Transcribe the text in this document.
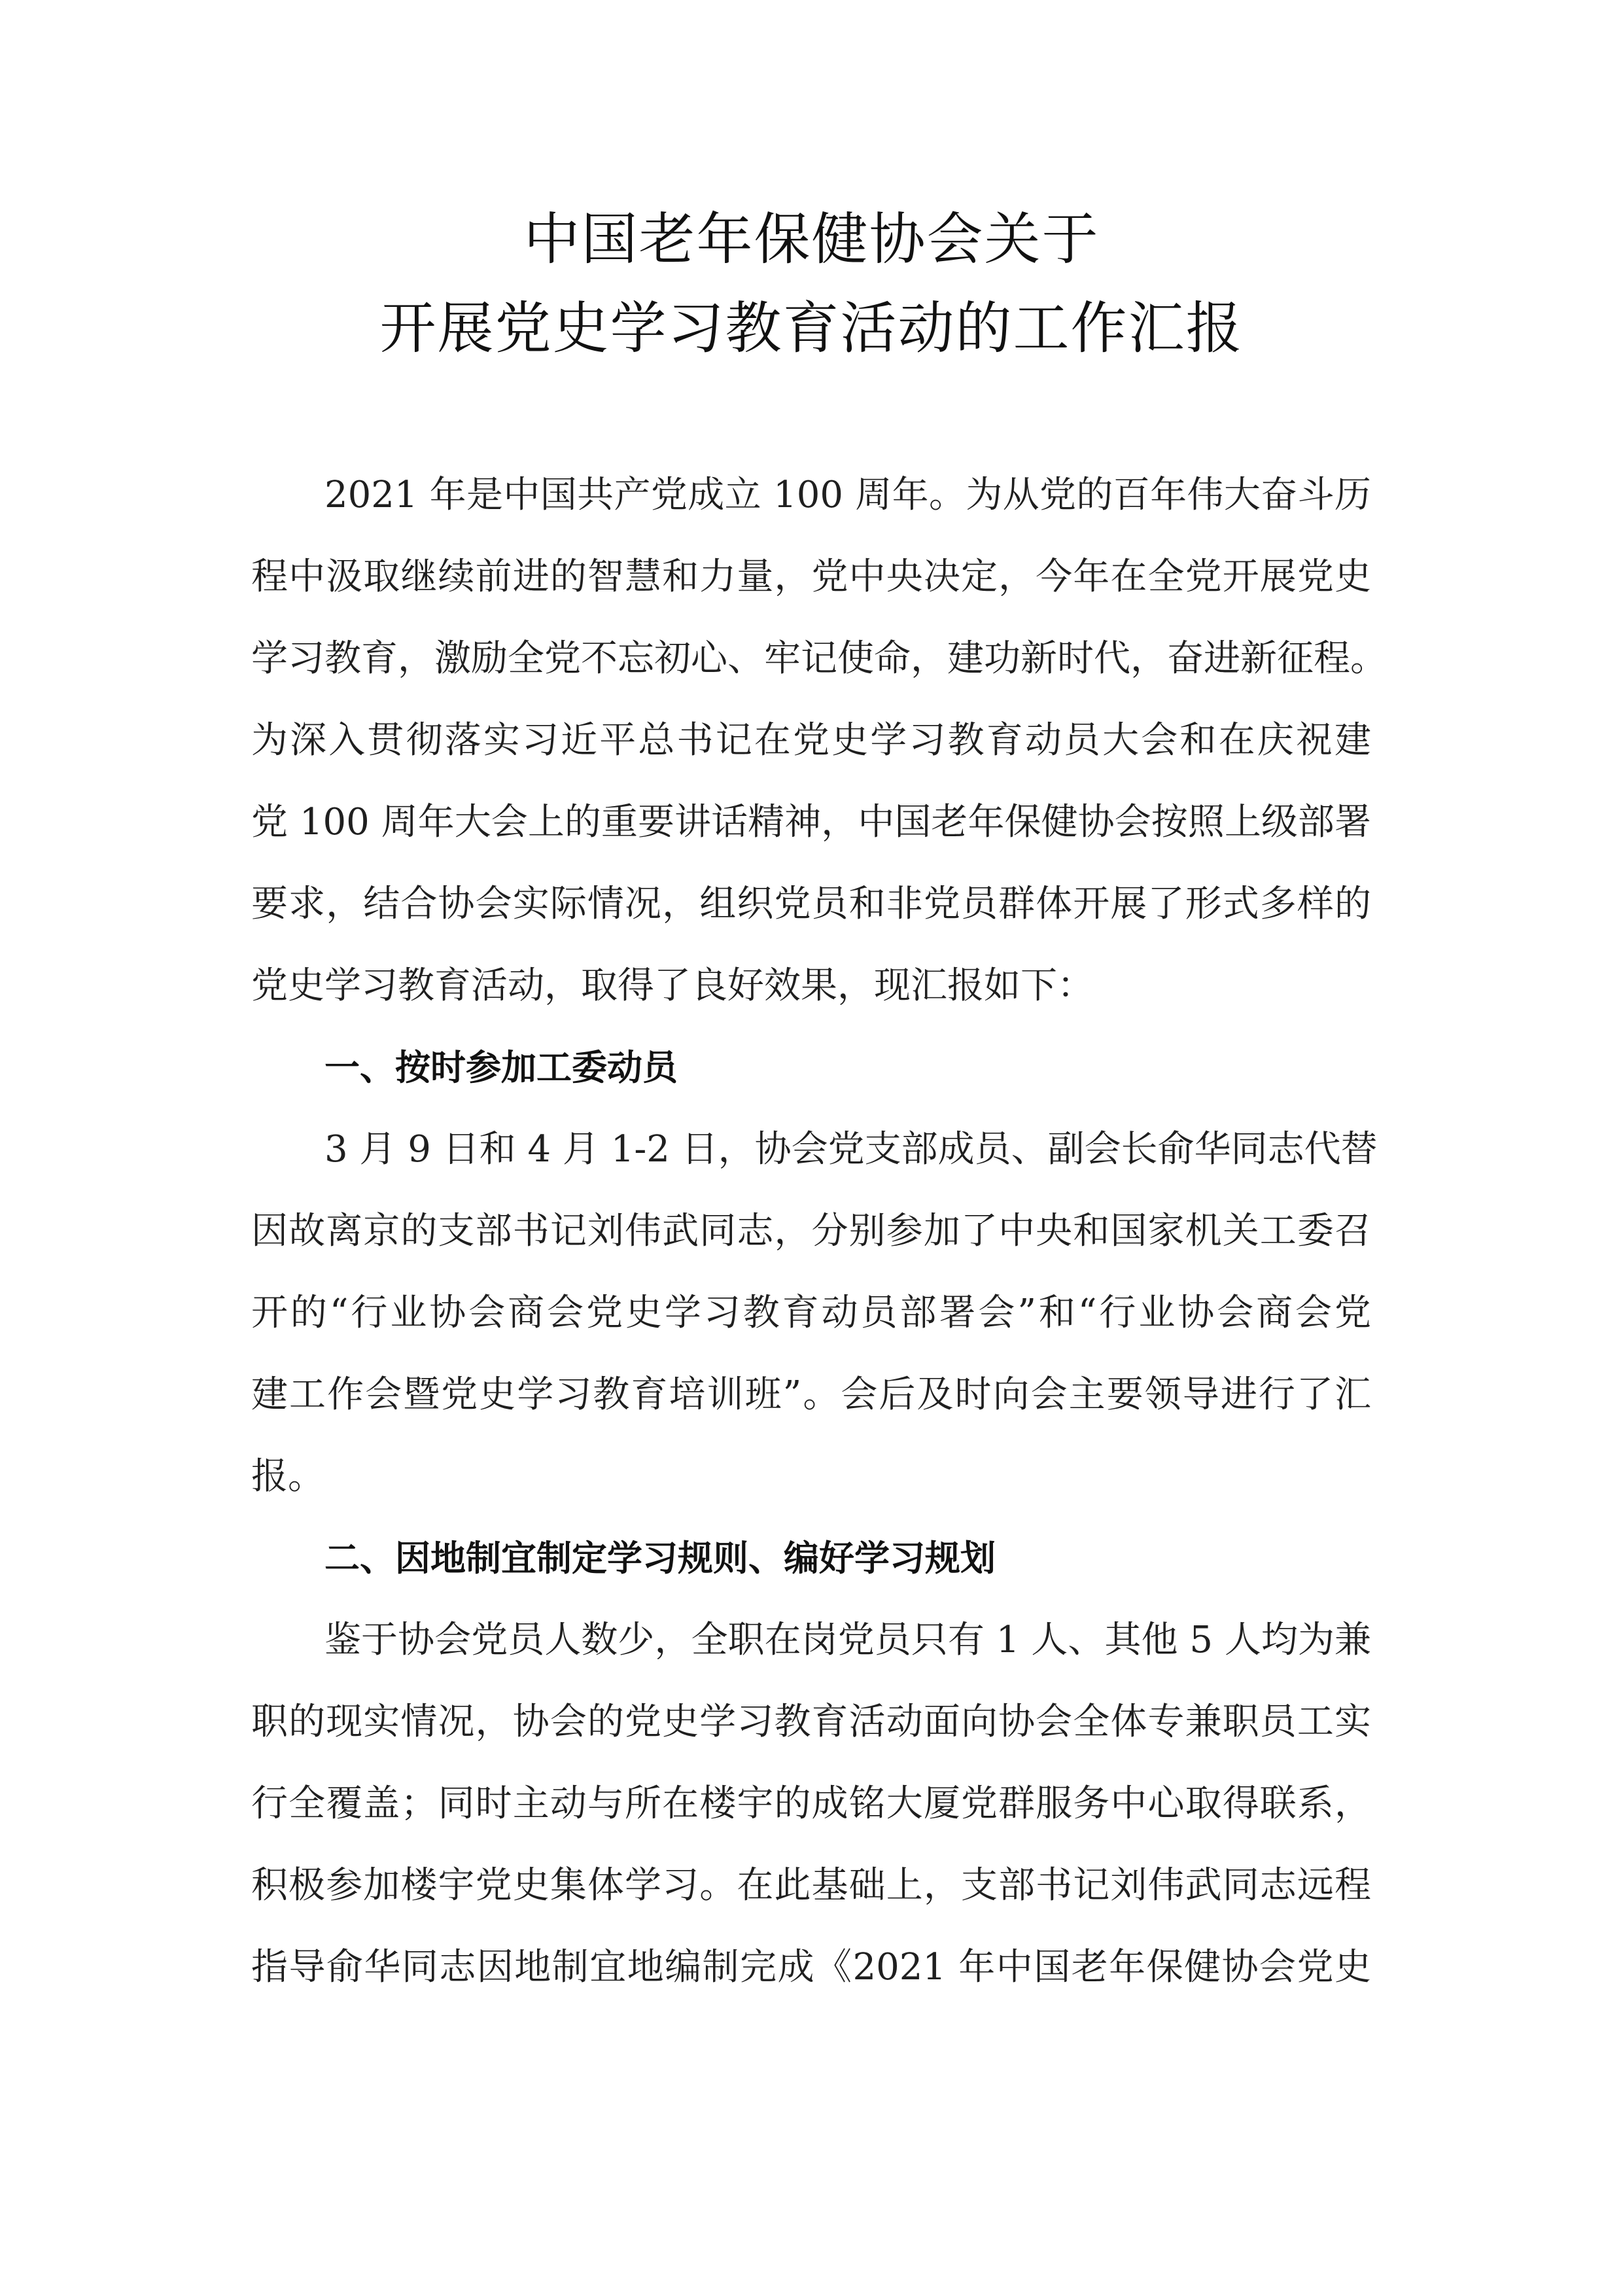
中国老年保健协会关于
开展党史学习教育活动的工作汇报
2021 年是中国共产党成立 100 周年。为从党的百年伟大奋斗历
程中汲取继续前进的智慧和力量，党中央决定，今年在全党开展党史
学习教育，激励全党不忘初心、牢记使命，建功新时代，奋进新征程。
为深入贯彻落实习近平总书记在党史学习教育动员大会和在庆祝建
党 100 周年大会上的重要讲话精神，中国老年保健协会按照上级部署
要求，结合协会实际情况，组织党员和非党员群体开展了形式多样的
党史学习教育活动，取得了良好效果，现汇报如下：
一、按时参加工委动员
3 月 9 日和 4 月 1-2 日，协会党支部成员、副会长俞华同志代替
因故离京的支部书记刘伟武同志，分别参加了中央和国家机关工委召
开的“行业协会商会党史学习教育动员部署会”和“行业协会商会党
建工作会暨党史学习教育培训班”。会后及时向会主要领导进行了汇
报。
二、因地制宜制定学习规则、编好学习规划
鉴于协会党员人数少，全职在岗党员只有 1 人、其他 5 人均为兼
职的现实情况，协会的党史学习教育活动面向协会全体专兼职员工实
行全覆盖；同时主动与所在楼宇的成铭大厦党群服务中心取得联系，
积极参加楼宇党史集体学习。在此基础上，支部书记刘伟武同志远程
指导俞华同志因地制宜地编制完成《2021 年中国老年保健协会党史
